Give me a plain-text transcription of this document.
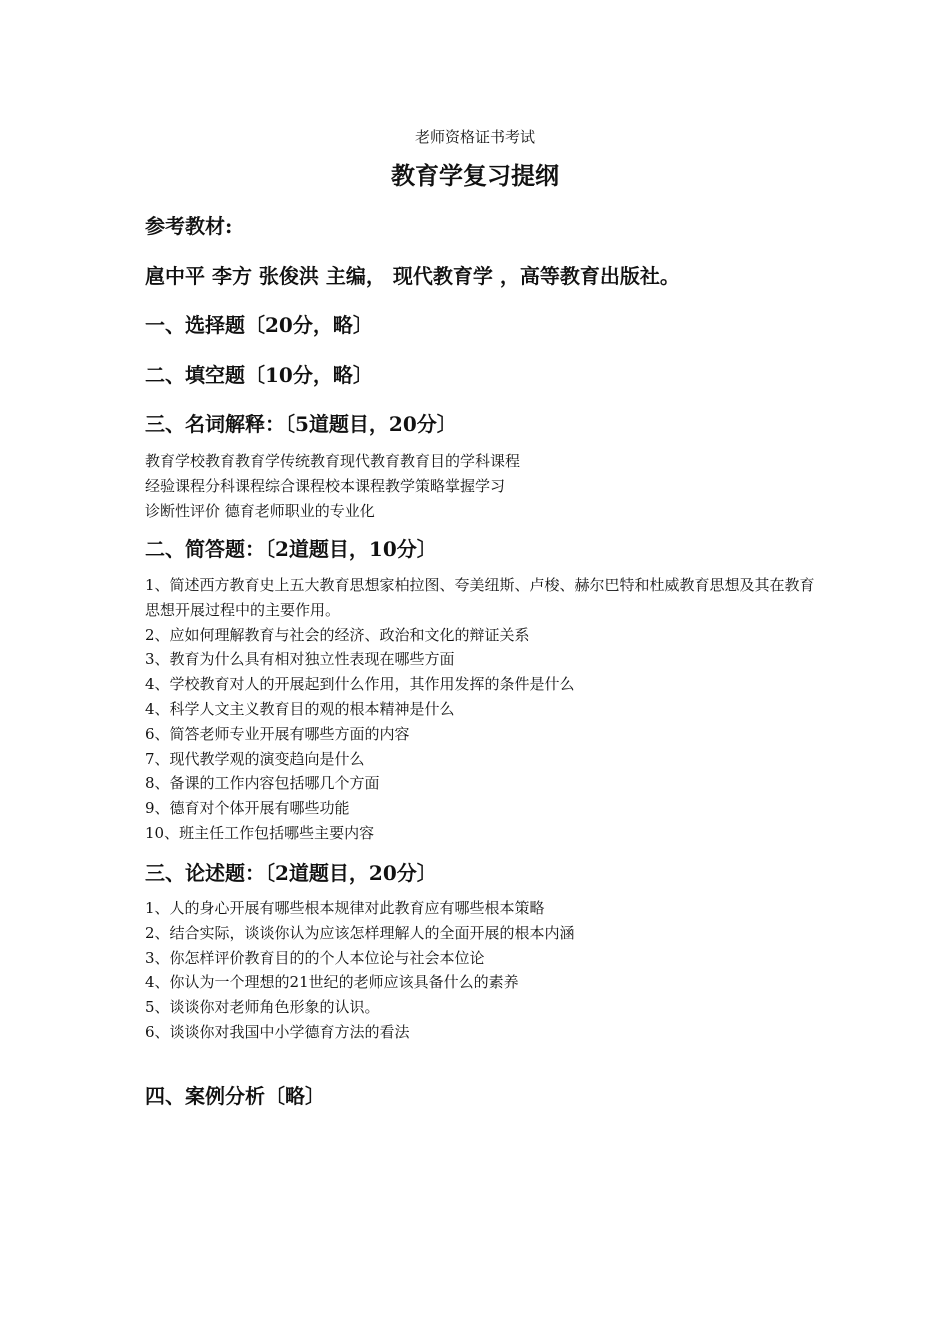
老师资格证书考试
教育学复习提纲

参考教材:

扈中平 李方 张俊洪 主编， 现代教育学 ，高等教育出版社。

一、选择题〔20分，略〕

二、填空题〔10分，略〕

三、名词解释：〔5道题目，20分〕

教育学校教育教育学传统教育现代教育教育目的学科课程

经验课程分科课程综合课程校本课程教学策略掌握学习

诊断性评价 德育老师职业的专业化

二、简答题：〔2道题目，10分〕

1、简述西方教育史上五大教育思想家柏拉图、夸美纽斯、卢梭、赫尔巴特和杜威教育思想及其在教育思想开展过程中的主要作用。

2、应如何理解教育与社会的经济、政治和文化的辩证关系

3、教育为什么具有相对独立性表现在哪些方面

4、学校教育对人的开展起到什么作用，其作用发挥的条件是什么

4、科学人文主义教育目的观的根本精神是什么

6、简答老师专业开展有哪些方面的内容

7、现代教学观的演变趋向是什么

8、备课的工作内容包括哪几个方面

9、德育对个体开展有哪些功能

10、班主任工作包括哪些主要内容

三、论述题：〔2道题目，20分〕

1、人的身心开展有哪些根本规律对此教育应有哪些根本策略

2、结合实际，谈谈你认为应该怎样理解人的全面开展的根本内涵

3、你怎样评价教育目的的个人本位论与社会本位论

4、你认为一个理想的21世纪的老师应该具备什么的素养

5、谈谈你对老师角色形象的认识。

6、谈谈你对我国中小学德育方法的看法

四、案例分析〔略〕
